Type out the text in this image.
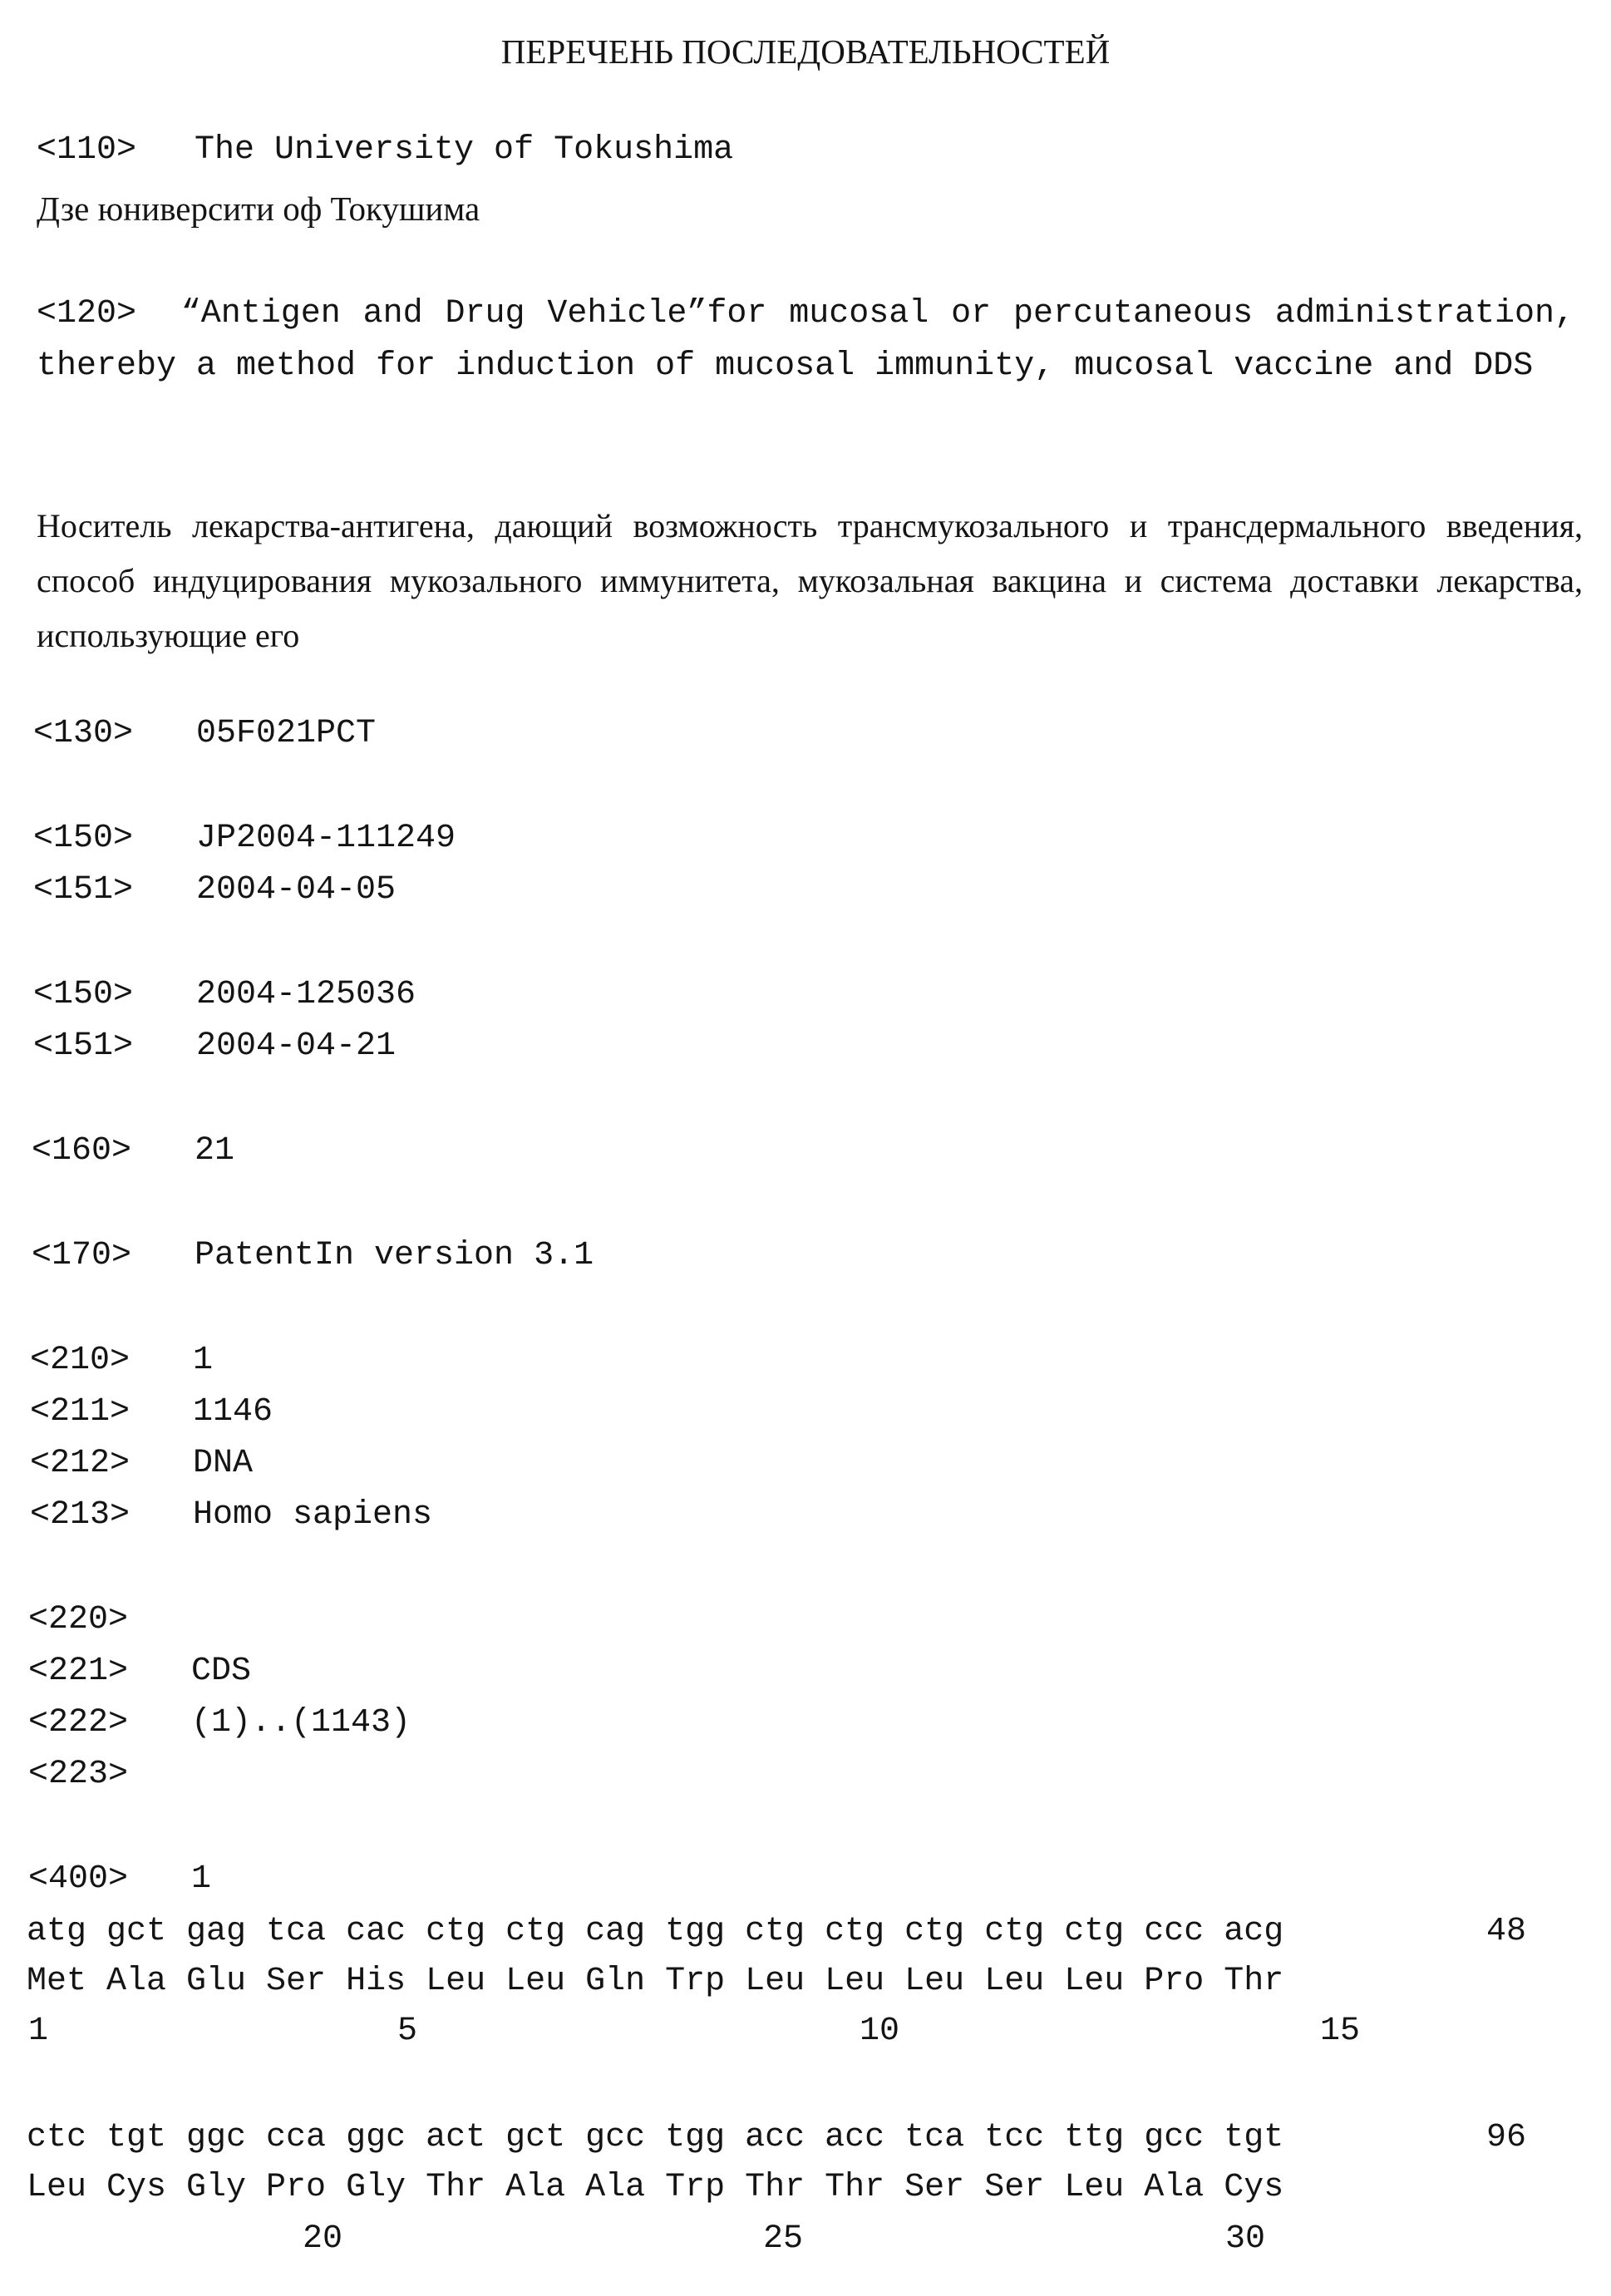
ПЕРЕЧЕНЬ ПОСЛЕДОВАТЕЛЬНОСТЕЙ
<110> The University of Tokushima
Дзе юниверсити оф Токушима
<120> “Antigen and Drug Vehicle”for mucosal or percutaneous administration, thereby a method for induction of mucosal immunity, mucosal vaccine and DDS
Носитель лекарства-антигена, дающий возможность трансмукозального и трансдермального введения, способ индуцирования мукозального иммунитета, мукозальная вакцина и система доставки лекарства, использующие его
<130> 05F021PCT
<150> JP2004-111249
<151> 2004-04-05
<150> 2004-125036
<151> 2004-04-21
<160> 21
<170> PatentIn version 3.1
<210> 1
<211> 1146
<212> DNA
<213> Homo sapiens
<220>
<221> CDS
<222> (1)..(1143)
<223>
<400> 1
atg gct gag tca cac ctg ctg cag tgg ctg ctg ctg ctg ctg ccc acg	48
Met Ala Glu Ser His Leu Leu Gln Trp Leu Leu Leu Leu Leu Pro Thr
1	5	10	15
ctc tgt ggc cca ggc act gct gcc tgg acc acc tca tcc ttg gcc tgt	96
Leu Cys Gly Pro Gly Thr Ala Ala Trp Thr Thr Ser Ser Leu Ala Cys
20	25	30
